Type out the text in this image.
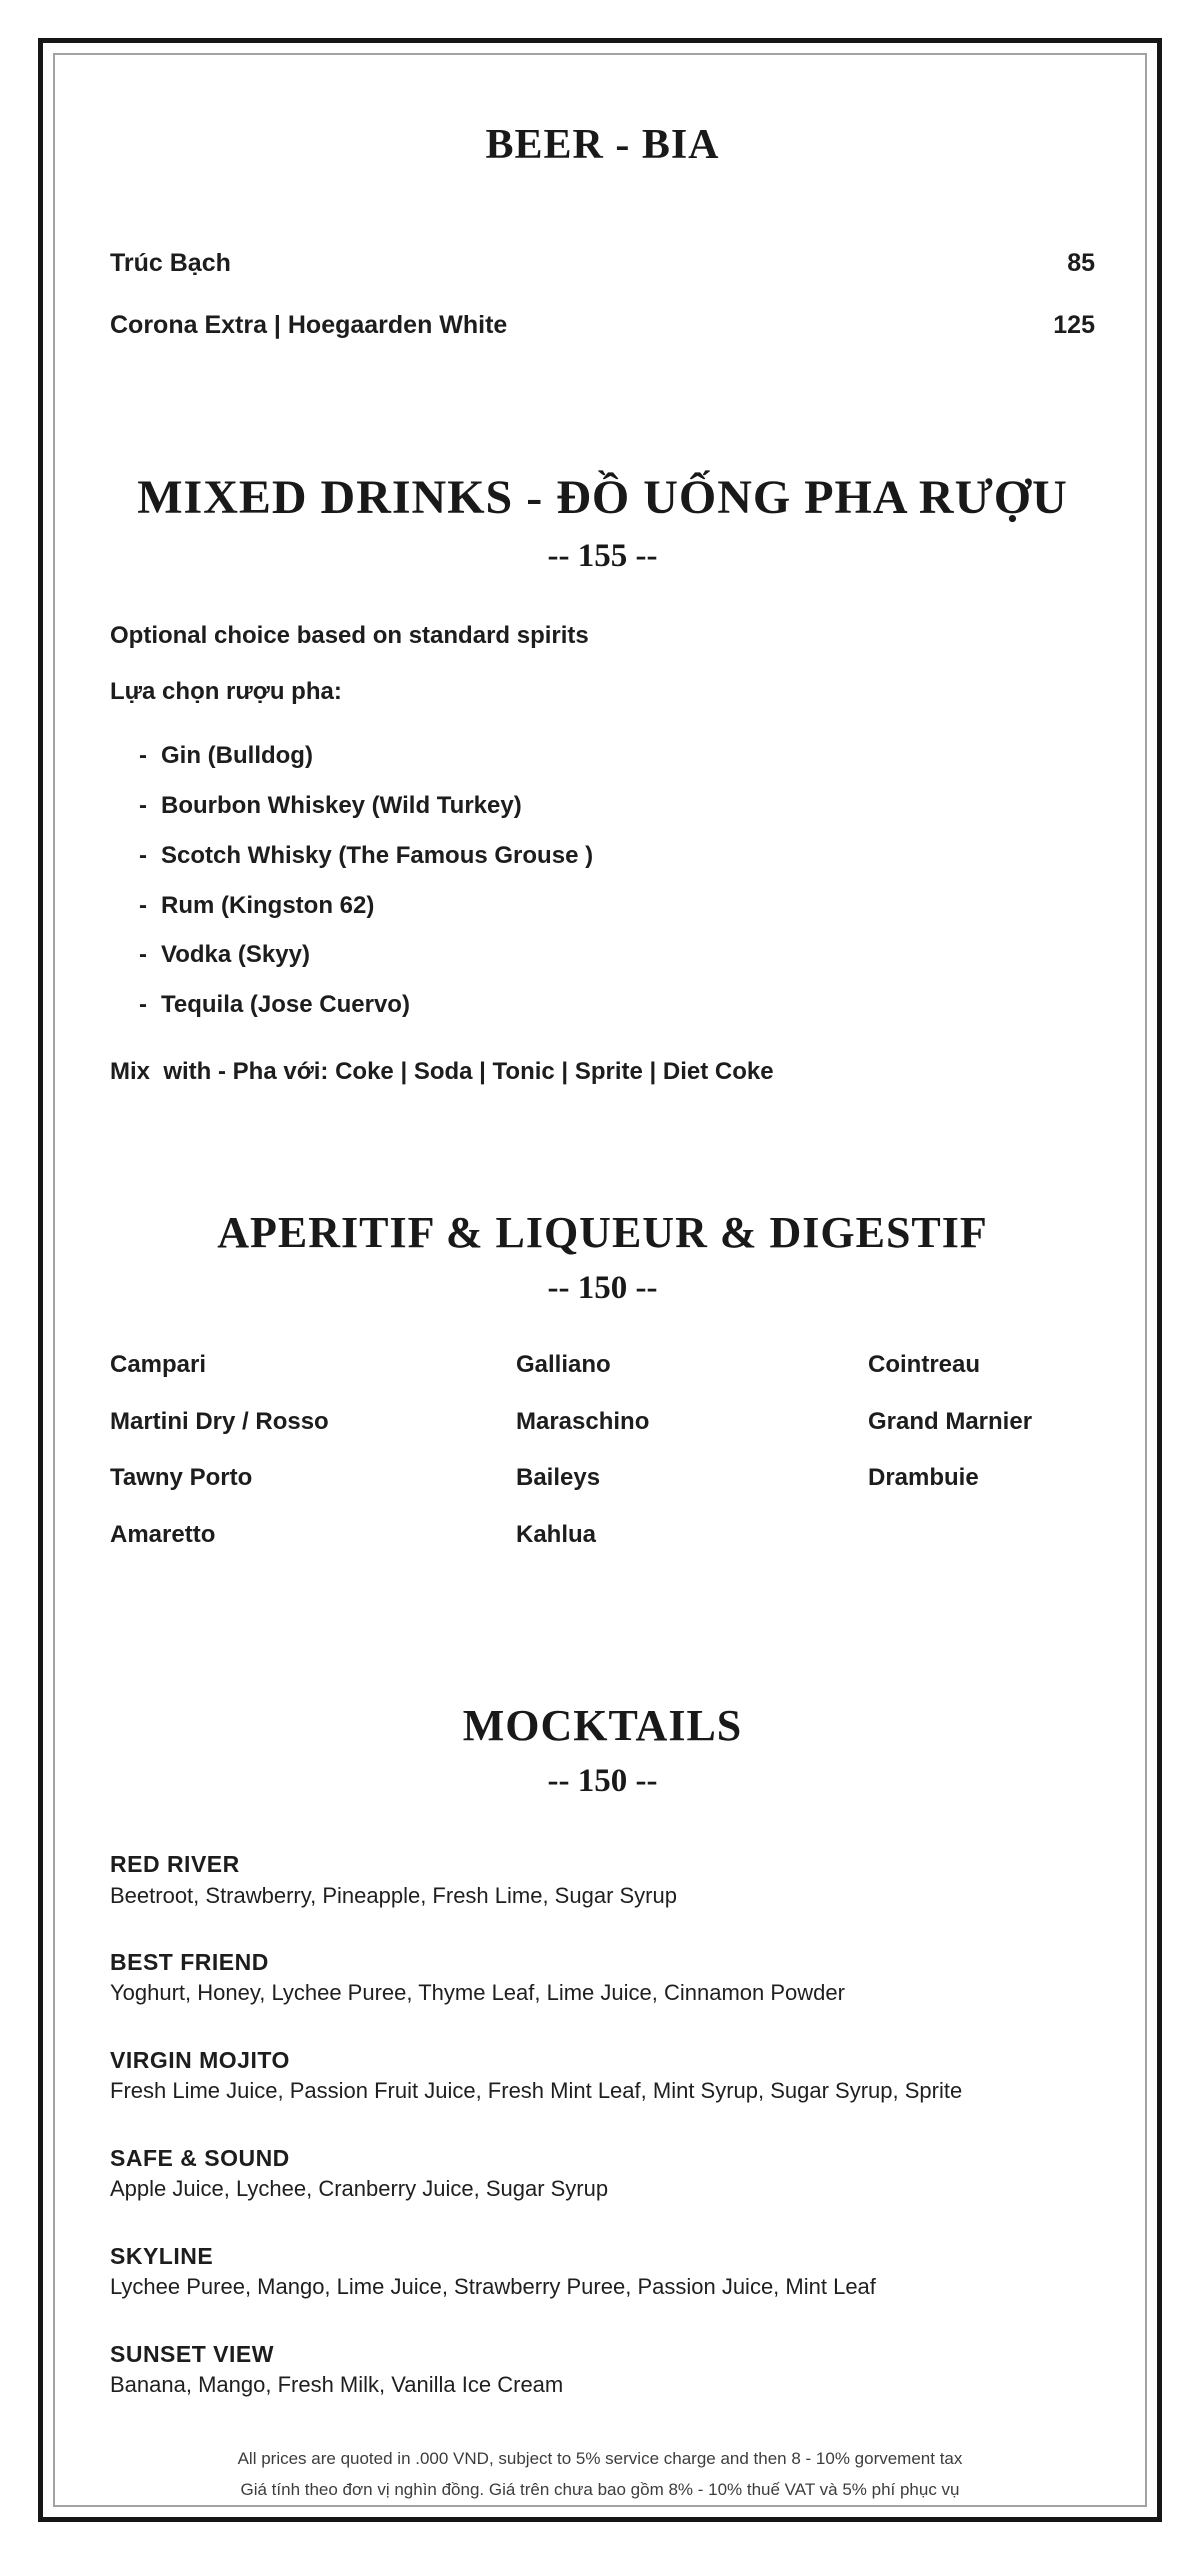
BEER - BIA
Trúc Bạch	85
Corona Extra | Hoegaarden White	125
MIXED DRINKS - ĐỒ UỐNG PHA RƯỢU
-- 155 --
Optional choice based on standard spirits
Lựa chọn rượu pha:
- Gin (Bulldog)
- Bourbon Whiskey (Wild Turkey)
- Scotch Whisky (The Famous Grouse )
- Rum (Kingston 62)
- Vodka (Skyy)
- Tequila (Jose Cuervo)
Mix  with - Pha với: Coke | Soda | Tonic | Sprite | Diet Coke
APERITIF & LIQUEUR & DIGESTIF
-- 150 --
Campari
Martini Dry / Rosso
Tawny Porto
Amaretto
Galliano
Maraschino
Baileys
Kahlua
Cointreau
Grand Marnier
Drambuie
MOCKTAILS
-- 150 --
RED RIVER
Beetroot, Strawberry, Pineapple, Fresh Lime, Sugar Syrup
BEST FRIEND
Yoghurt, Honey, Lychee Puree, Thyme Leaf, Lime Juice, Cinnamon Powder
VIRGIN MOJITO
Fresh Lime Juice, Passion Fruit Juice, Fresh Mint Leaf, Mint Syrup, Sugar Syrup, Sprite
SAFE & SOUND
Apple Juice, Lychee, Cranberry Juice, Sugar Syrup
SKYLINE
Lychee Puree, Mango, Lime Juice, Strawberry Puree, Passion Juice, Mint Leaf
SUNSET VIEW
Banana, Mango, Fresh Milk, Vanilla Ice Cream
All prices are quoted in .000 VND, subject to 5% service charge and then 8 - 10% gorvement tax
Giá tính theo đơn vị nghìn đồng. Giá trên chưa bao gồm 8% - 10% thuế VAT và 5% phí phục vụ
